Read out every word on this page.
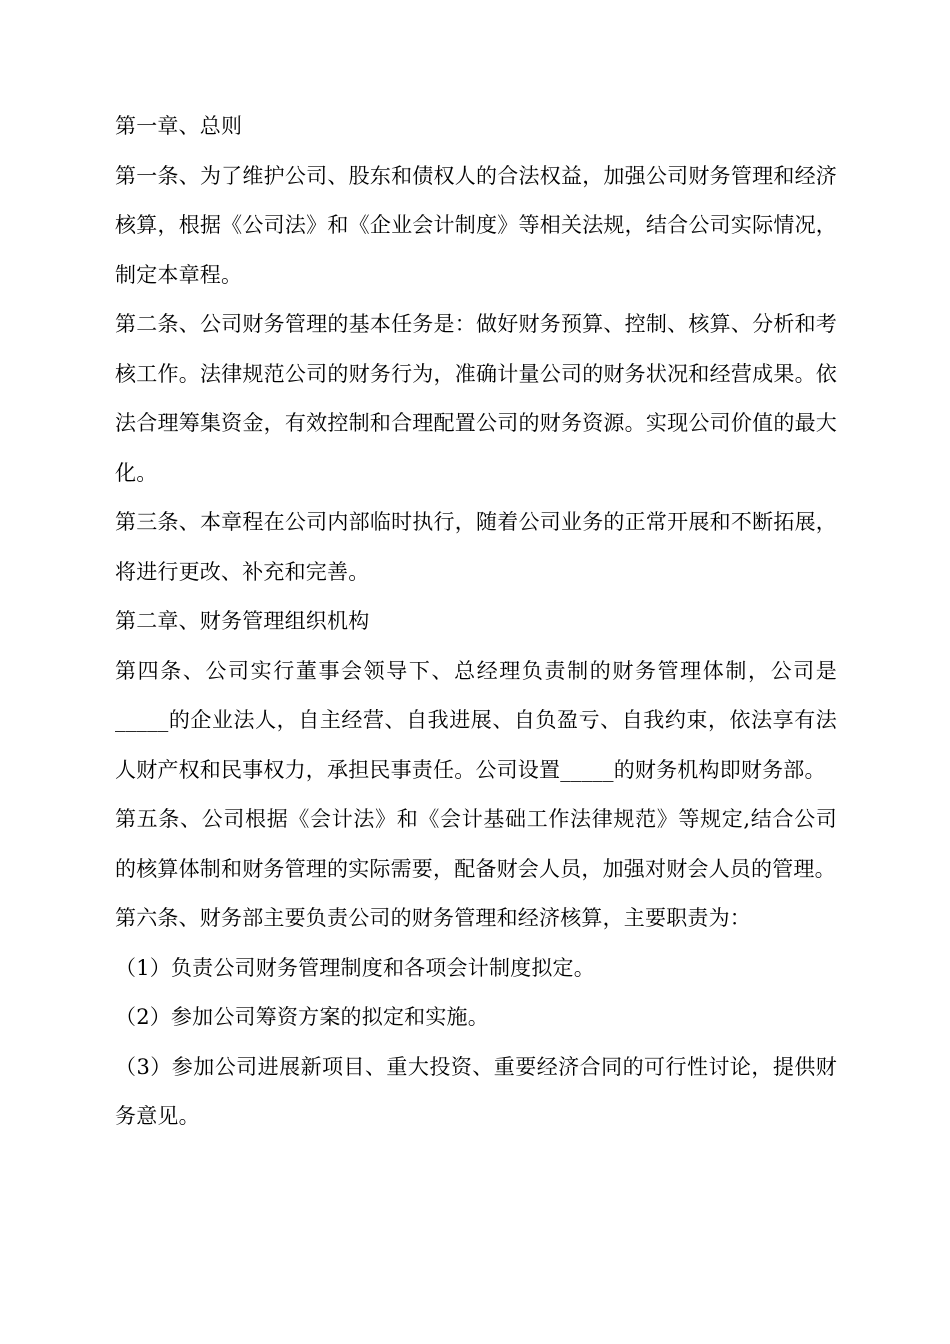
第一章、总则

第一条、为了维护公司、股东和债权人的合法权益，加强公司财务管理和经济核算，根据《公司法》和《企业会计制度》等相关法规，结合公司实际情况，制定本章程。

第二条、公司财务管理的基本任务是：做好财务预算、控制、核算、分析和考核工作。法律规范公司的财务行为，准确计量公司的财务状况和经营成果。依法合理筹集资金，有效控制和合理配置公司的财务资源。实现公司价值的最大化。

第三条、本章程在公司内部临时执行，随着公司业务的正常开展和不断拓展，将进行更改、补充和完善。

第二章、财务管理组织机构

第四条、公司实行董事会领导下、总经理负责制的财务管理体制，公司是_____的企业法人，自主经营、自我进展、自负盈亏、自我约束，依法享有法人财产权和民事权力，承担民事责任。公司设置_____的财务机构即财务部。

第五条、公司根据《会计法》和《会计基础工作法律规范》等规定,结合公司的核算体制和财务管理的实际需要，配备财会人员，加强对财会人员的管理。

第六条、财务部主要负责公司的财务管理和经济核算，主要职责为：

（1）负责公司财务管理制度和各项会计制度拟定。

（2）参加公司筹资方案的拟定和实施。

（3）参加公司进展新项目、重大投资、重要经济合同的可行性讨论，提供财务意见。
